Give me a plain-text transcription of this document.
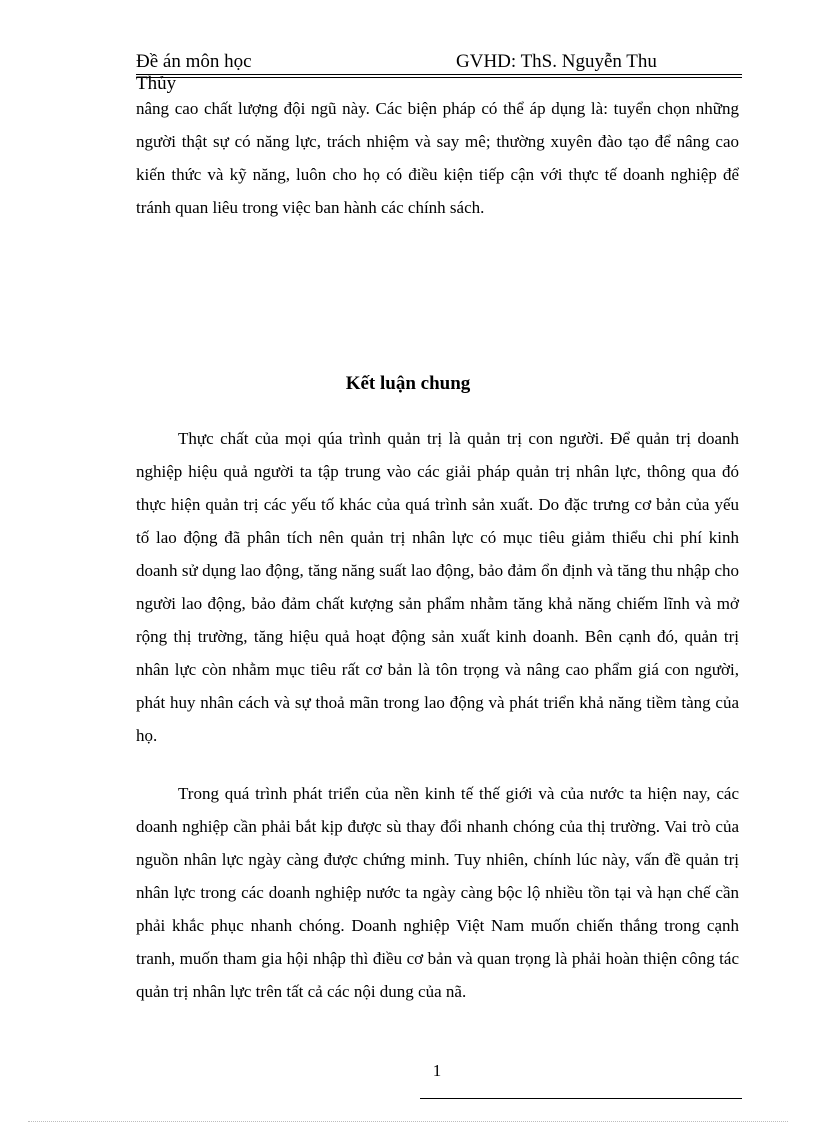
Đề án môn học	GVHD: ThS. Nguyễn Thu
Thủy

nâng cao chất lượng đội ngũ này. Các biện pháp có thể áp dụng là: tuyển chọn những người thật sự có năng lực, trách nhiệm và say mê; thường xuyên đào tạo để nâng cao kiến thức và kỹ năng, luôn cho họ có điều kiện tiếp cận với thực tế doanh nghiệp để tránh quan liêu trong việc ban hành các chính sách.

Kết luận chung

Thực chất của mọi qúa trình quản trị là quản trị con người. Để quản trị doanh nghiệp hiệu quả người ta tập trung vào các giải pháp quản trị nhân lực, thông qua đó thực hiện quản trị các yếu tố khác của quá trình sản xuất. Do đặc trưng cơ bản của yếu tố lao động đã phân tích nên quản trị nhân lực có mục tiêu giảm thiểu chi phí kinh doanh sử dụng lao động, tăng năng suất lao động, bảo đảm ổn định và tăng thu nhập cho người lao động, bảo đảm chất kượng sản phẩm nhằm tăng khả năng chiếm lĩnh và mở rộng thị trường, tăng hiệu quả hoạt động sản xuất kinh doanh. Bên cạnh đó, quản trị nhân lực còn nhằm mục tiêu rất cơ bản là tôn trọng và nâng cao phẩm giá con người, phát huy nhân cách và sự thoả mãn trong lao động và phát triển khả năng tiềm tàng của họ.

Trong quá trình phát triển của nền kinh tế thế giới và của nước ta hiện nay, các doanh nghiệp cần phải bắt kịp được sù thay đổi nhanh chóng của thị trường. Vai trò của nguồn nhân lực ngày càng được chứng minh. Tuy nhiên, chính lúc này, vấn đề quản trị nhân lực trong các doanh nghiệp nước ta ngày càng bộc lộ nhiều tồn tại và hạn chế cần phải khắc phục nhanh chóng. Doanh nghiệp Việt Nam muốn chiến thắng trong cạnh tranh, muốn tham gia hội nhập thì điều cơ bản và quan trọng là phải hoàn thiện công tác quản trị nhân lực trên tất cả các nội dung của nã.

1
